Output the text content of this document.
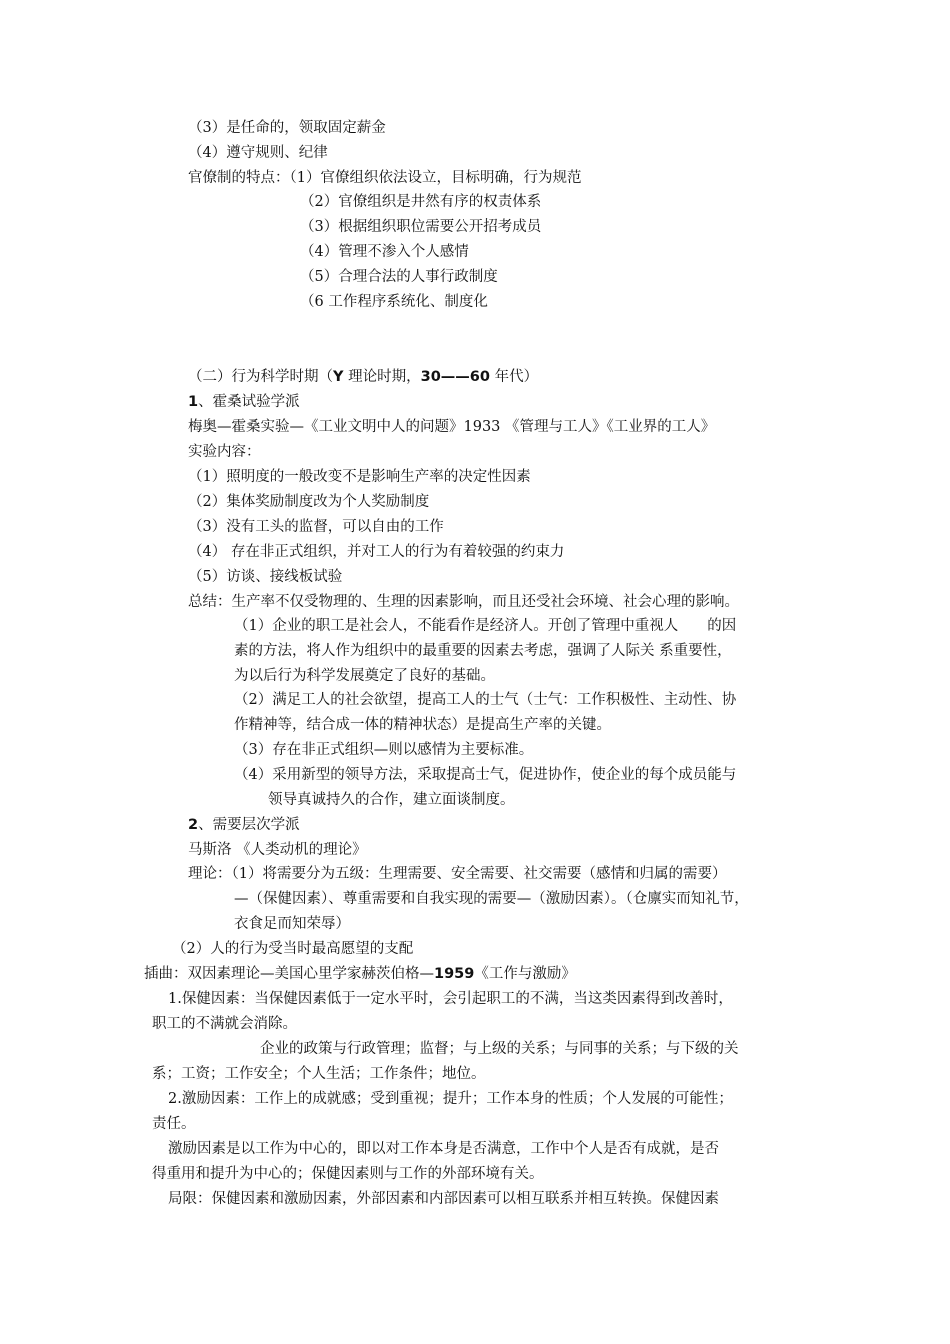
（3）是任命的，领取固定薪金
（4）遵守规则、纪律
官僚制的特点：（1）官僚组织依法设立，目标明确，行为规范
（2）官僚组织是井然有序的权责体系
（3）根据组织职位需要公开招考成员
（4）管理不渗入个人感情
（5）合理合法的人事行政制度
（6 工作程序系统化、制度化
（二）行为科学时期（Y 理论时期，30——60 年代）
1、霍桑试验学派
梅奥—霍桑实验—《工业文明中人的问题》1933 《管理与工人》《工业界的工人》
实验内容：
（1）照明度的一般改变不是影响生产率的决定性因素
（2）集体奖励制度改为个人奖励制度
（3）没有工头的监督，可以自由的工作
（4） 存在非正式组织，并对工人的行为有着较强的约束力
（5）访谈、接线板试验
总结：生产率不仅受物理的、生理的因素影响，而且还受社会环境、社会心理的影响。
（1）企业的职工是社会人，不能看作是经济人。开创了管理中重视人　　的因
素的方法，将人作为组织中的最重要的因素去考虑，强调了人际关 系重要性，
为以后行为科学发展奠定了良好的基础。
（2）满足工人的社会欲望，提高工人的士气（士气：工作积极性、主动性、协
作精神等，结合成一体的精神状态）是提高生产率的关键。
（3）存在非正式组织—则以感情为主要标准。
（4）采用新型的领导方法，采取提高士气，促进协作，使企业的每个成员能与
领导真诚持久的合作，建立面谈制度。
2、需要层次学派
马斯洛 《人类动机的理论》
理论：（1）将需要分为五级：生理需要、安全需要、社交需要（感情和归属的需要）
—（保健因素）、尊重需要和自我实现的需要—（激励因素）。（仓廪实而知礼节，
衣食足而知荣辱）
（2）人的行为受当时最高愿望的支配
插曲：双因素理论—美国心里学家赫茨伯格—1959《工作与激励》
1.保健因素：当保健因素低于一定水平时，会引起职工的不满，当这类因素得到改善时，
职工的不满就会消除。
企业的政策与行政管理；监督；与上级的关系；与同事的关系；与下级的关
系；工资；工作安全；个人生活；工作条件；地位。
2.激励因素：工作上的成就感；受到重视；提升；工作本身的性质；个人发展的可能性；
责任。
激励因素是以工作为中心的，即以对工作本身是否满意，工作中个人是否有成就，是否
得重用和提升为中心的；保健因素则与工作的外部环境有关。
局限：保健因素和激励因素，外部因素和内部因素可以相互联系并相互转换。保健因素
